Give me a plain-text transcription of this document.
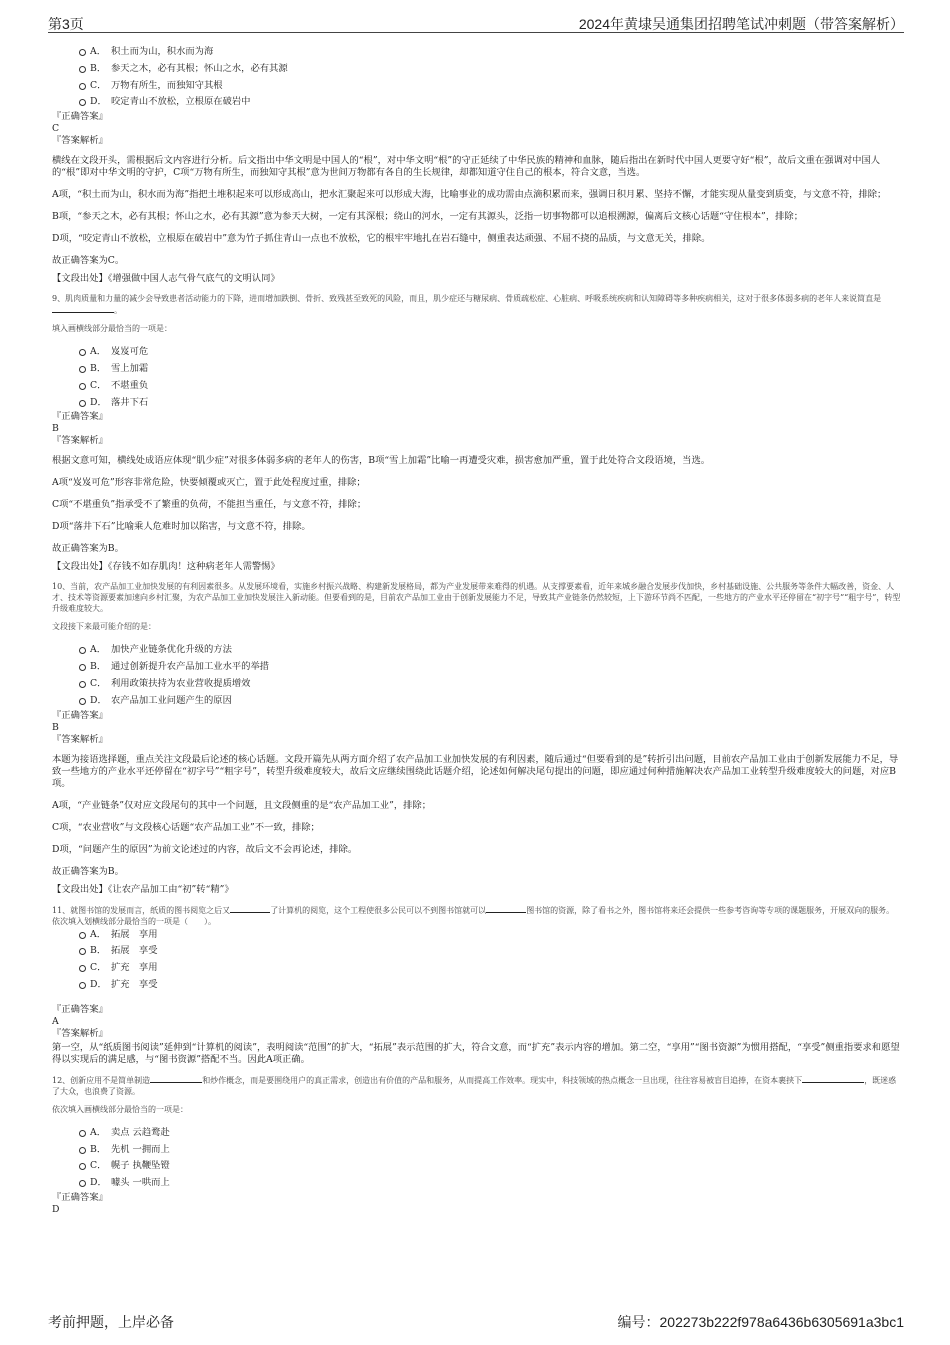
第3页	2024年黄埭吴通集团招聘笔试冲刺题（带答案解析）
A． 积土而为山，积水而为海
B． 参天之木，必有其根；怀山之水，必有其源
C． 万物有所生，而独知守其根
D． 咬定青山不放松，立根原在破岩中
『正确答案』
C
『答案解析』
横线在文段开头，需根据后文内容进行分析。后文指出中华文明是中国人的“根”，对中华文明“根”的守正延续了中华民族的精神和血脉，随后指出在新时代中国人更要守好“根”，故后文重在强调对中国人的“根”即对中华文明的守护，C项“万物有所生，而独知守其根”意为世间万物都有各自的生长规律，却都知道守住自己的根本，符合文意，当选。
A项，“积土而为山，积水而为海”指把土堆积起来可以形成高山，把水汇聚起来可以形成大海，比喻事业的成功需由点滴积累而来，强调日积月累、坚持不懈，才能实现从量变到质变，与文意不符，排除；
B项，“参天之木，必有其根；怀山之水，必有其源”意为参天大树，一定有其深根；绕山的河水，一定有其源头，泛指一切事物都可以追根溯源，偏离后文核心话题“守住根本”，排除；
D项，“咬定青山不放松，立根原在破岩中”意为竹子抓住青山一点也不放松，它的根牢牢地扎在岩石缝中，侧重表达顽强、不屈不挠的品质，与文意无关，排除。
故正确答案为C。
【文段出处】《增强做中国人志气骨气底气的文明认同》
9、肌肉质量和力量的减少会导致患者活动能力的下降，进而增加跌倒、骨折、致残甚至致死的风险，而且，肌少症还与糖尿病、骨质疏松症、心脏病、呼吸系统疾病和认知障碍等多种疾病相关，这对于很多体弱多病的老年人来说简直是。
填入画横线部分最恰当的一项是：
A． 岌岌可危
B． 雪上加霜
C． 不堪重负
D． 落井下石
『正确答案』
B
『答案解析』
根据文意可知，横线处成语应体现“肌少症”对很多体弱多病的老年人的伤害，B项“雪上加霜”比喻一再遭受灾难，损害愈加严重，置于此处符合文段语境，当选。
A项“岌岌可危”形容非常危险，快要倾覆或灭亡，置于此处程度过重，排除；
C项“不堪重负”指承受不了繁重的负荷，不能担当重任，与文意不符，排除；
D项“落井下石”比喻乘人危难时加以陷害，与文意不符，排除。
故正确答案为B。
【文段出处】《存钱不如存肌肉！这种病老年人需警惕》
10、当前，农产品加工业加快发展的有利因素很多。从发展环境看，实施乡村振兴战略、构建新发展格局，都为产业发展带来难得的机遇。从支撑要素看，近年来城乡融合发展步伐加快，乡村基础设施、公共服务等条件大幅改善，资金、人才、技术等资源要素加速向乡村汇聚，为农产品加工业加快发展注入新动能。但要看到的是，目前农产品加工业由于创新发展能力不足，导致其产业链条仍然较短，上下游环节尚不匹配，一些地方的产业水平还停留在“初字号”“粗字号”，转型升级难度较大。
文段接下来最可能介绍的是：
A． 加快产业链条优化升级的方法
B． 通过创新提升农产品加工业水平的举措
C． 利用政策扶持为农业营收提质增效
D． 农产品加工业问题产生的原因
『正确答案』
B
『答案解析』
本题为接语选择题，重点关注文段最后论述的核心话题。文段开篇先从两方面介绍了农产品加工业加快发展的有利因素，随后通过“但要看到的是”转折引出问题，目前农产品加工业由于创新发展能力不足，导致一些地方的产业水平还停留在“初字号”“粗字号”，转型升级难度较大，故后文应继续围绕此话题介绍，论述如何解决尾句提出的问题，即应通过何种措施解决农产品加工业转型升级难度较大的问题，对应B项。
A项，“产业链条”仅对应文段尾句的其中一个问题，且文段侧重的是“农产品加工业”，排除；
C项，“农业营收”与文段核心话题“农产品加工业”不一致，排除；
D项，“问题产生的原因”为前文论述过的内容，故后文不会再论述，排除。
故正确答案为B。
【文段出处】《让农产品加工由“初”转“精”》
11、就图书馆的发展而言，纸质的图书阅览之后又	了计算机的阅览，这个工程使很多公民可以不到图书馆就可以	图书馆的资源，除了看书之外，图书馆将来还会提供一些参考咨询等专项的课题服务，开展双向的服务。
依次填入划横线部分最恰当的一项是（　　）。
A． 拓展　享用
B． 拓展　享受
C． 扩充　享用
D． 扩充　享受
『正确答案』
A
『答案解析』
第一空，从“纸质图书阅读”延伸到“计算机的阅读”，表明阅读“范围”的扩大，“拓展”表示范围的扩大，符合文意，而“扩充”表示内容的增加。第二空，“享用”“图书资源”为惯用搭配，“享受”侧重指要求和愿望得以实现后的满足感，与“图书资源”搭配不当。因此A项正确。
12、创新应用不是简单制造	和炒作概念，而是要围绕用户的真正需求，创造出有价值的产品和服务，从而提高工作效率。现实中，科技领域的热点概念一旦出现，往往容易被盲目追捧，在资本裹挟下	，既迷惑了大众，也浪费了资源。
依次填入画横线部分最恰当的一项是：
A． 卖点 云趋鹜赴
B． 先机 一拥而上
C． 幌子 执鞭坠镫
D． 噱头 一哄而上
『正确答案』
D
考前押题，上岸必备	编号：202273b222f978a6436b6305691a3bc1
